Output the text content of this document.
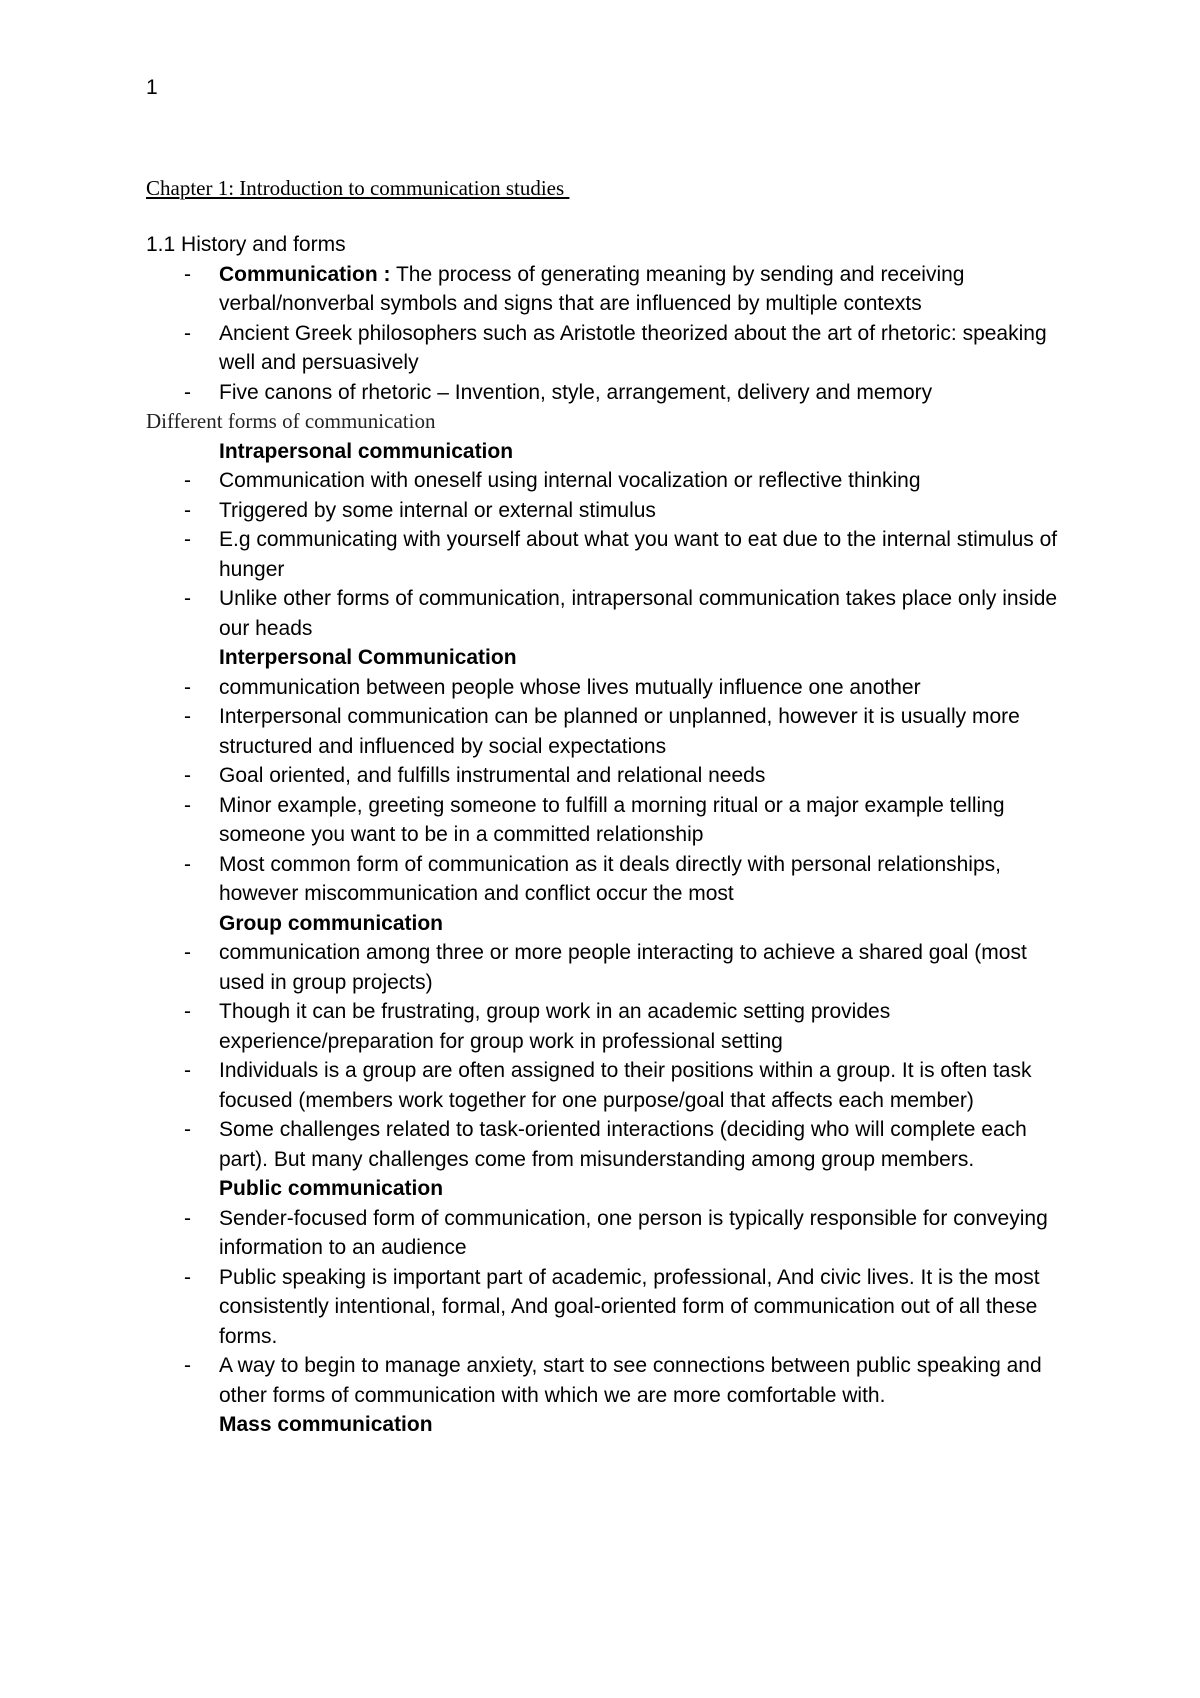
1
Chapter 1: Introduction to communication studies

1.1 History and forms

- Communication : The process of generating meaning by sending and receiving verbal/nonverbal symbols and signs that are influenced by multiple contexts
- Ancient Greek philosophers such as Aristotle theorized about the art of rhetoric: speaking well and persuasively
- Five canons of rhetoric – Invention, style, arrangement, delivery and memory

Different forms of communication

Intrapersonal communication

- Communication with oneself using internal vocalization or reflective thinking
- Triggered by some internal or external stimulus
- E.g communicating with yourself about what you want to eat due to the internal stimulus of hunger
- Unlike other forms of communication, intrapersonal communication takes place only inside our heads

Interpersonal Communication

- communication between people whose lives mutually influence one another
- Interpersonal communication can be planned or unplanned, however it is usually more structured and influenced by social expectations
- Goal oriented, and fulfills instrumental and relational needs
- Minor example, greeting someone to fulfill a morning ritual or a major example telling someone you want to be in a committed relationship
- Most common form of communication as it deals directly with personal relationships, however miscommunication and conflict occur the most

Group communication

- communication among three or more people interacting to achieve a shared goal (most used in group projects)
- Though it can be frustrating, group work in an academic setting provides experience/preparation for group work in professional setting
- Individuals is a group are often assigned to their positions within a group. It is often task focused (members work together for one purpose/goal that affects each member)
- Some challenges related to task-oriented interactions (deciding who will complete each part). But many challenges come from misunderstanding among group members.

Public communication

- Sender-focused form of communication, one person is typically responsible for conveying information to an audience
- Public speaking is important part of academic, professional, And civic lives. It is the most consistently intentional, formal, And goal-oriented form of communication out of all these forms.
- A way to begin to manage anxiety, start to see connections between public speaking and other forms of communication with which we are more comfortable with.

Mass communication
